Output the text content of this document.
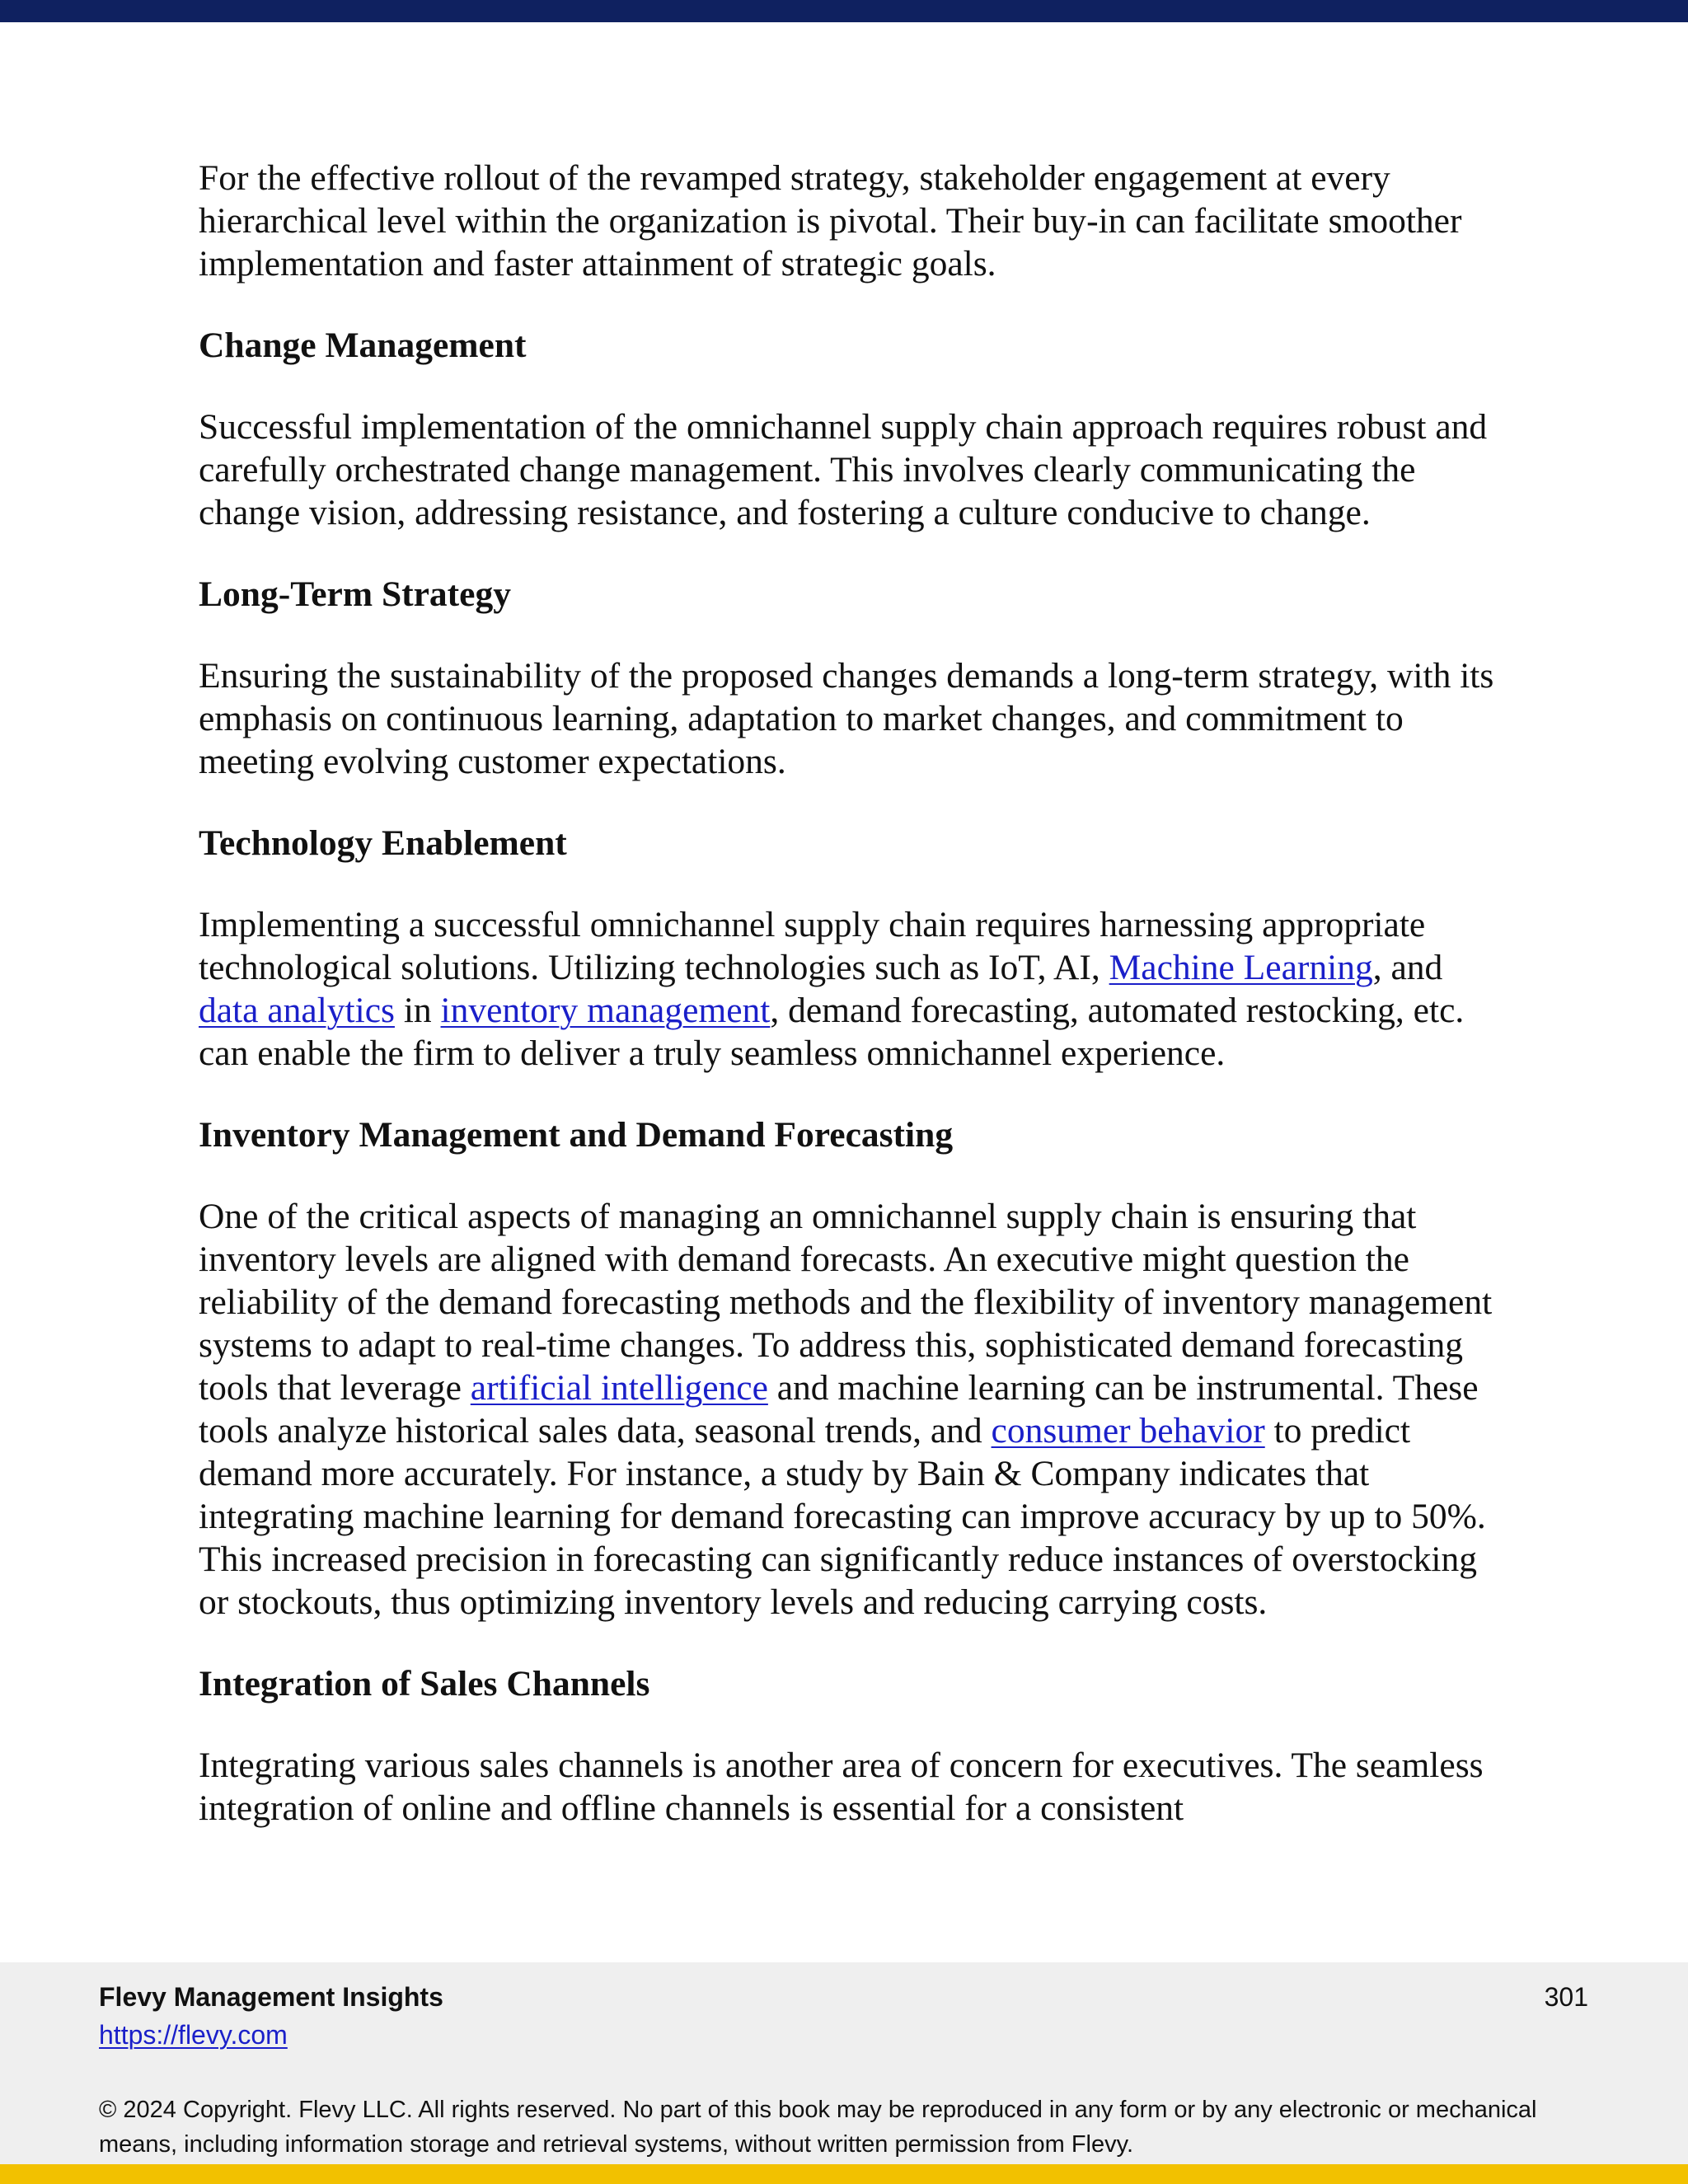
For the effective rollout of the revamped strategy, stakeholder engagement at every hierarchical level within the organization is pivotal. Their buy-in can facilitate smoother implementation and faster attainment of strategic goals.

Change Management

Successful implementation of the omnichannel supply chain approach requires robust and carefully orchestrated change management. This involves clearly communicating the change vision, addressing resistance, and fostering a culture conducive to change.

Long-Term Strategy

Ensuring the sustainability of the proposed changes demands a long-term strategy, with its emphasis on continuous learning, adaptation to market changes, and commitment to meeting evolving customer expectations.

Technology Enablement

Implementing a successful omnichannel supply chain requires harnessing appropriate technological solutions. Utilizing technologies such as IoT, AI, Machine Learning, and data analytics in inventory management, demand forecasting, automated restocking, etc. can enable the firm to deliver a truly seamless omnichannel experience.

Inventory Management and Demand Forecasting

One of the critical aspects of managing an omnichannel supply chain is ensuring that inventory levels are aligned with demand forecasts. An executive might question the reliability of the demand forecasting methods and the flexibility of inventory management systems to adapt to real-time changes. To address this, sophisticated demand forecasting tools that leverage artificial intelligence and machine learning can be instrumental. These tools analyze historical sales data, seasonal trends, and consumer behavior to predict demand more accurately. For instance, a study by Bain & Company indicates that integrating machine learning for demand forecasting can improve accuracy by up to 50%. This increased precision in forecasting can significantly reduce instances of overstocking or stockouts, thus optimizing inventory levels and reducing carrying costs.

Integration of Sales Channels

Integrating various sales channels is another area of concern for executives. The seamless integration of online and offline channels is essential for a consistent

Flevy Management Insights
https://flevy.com
301
© 2024 Copyright. Flevy LLC. All rights reserved. No part of this book may be reproduced in any form or by any electronic or mechanical means, including information storage and retrieval systems, without written permission from Flevy.
